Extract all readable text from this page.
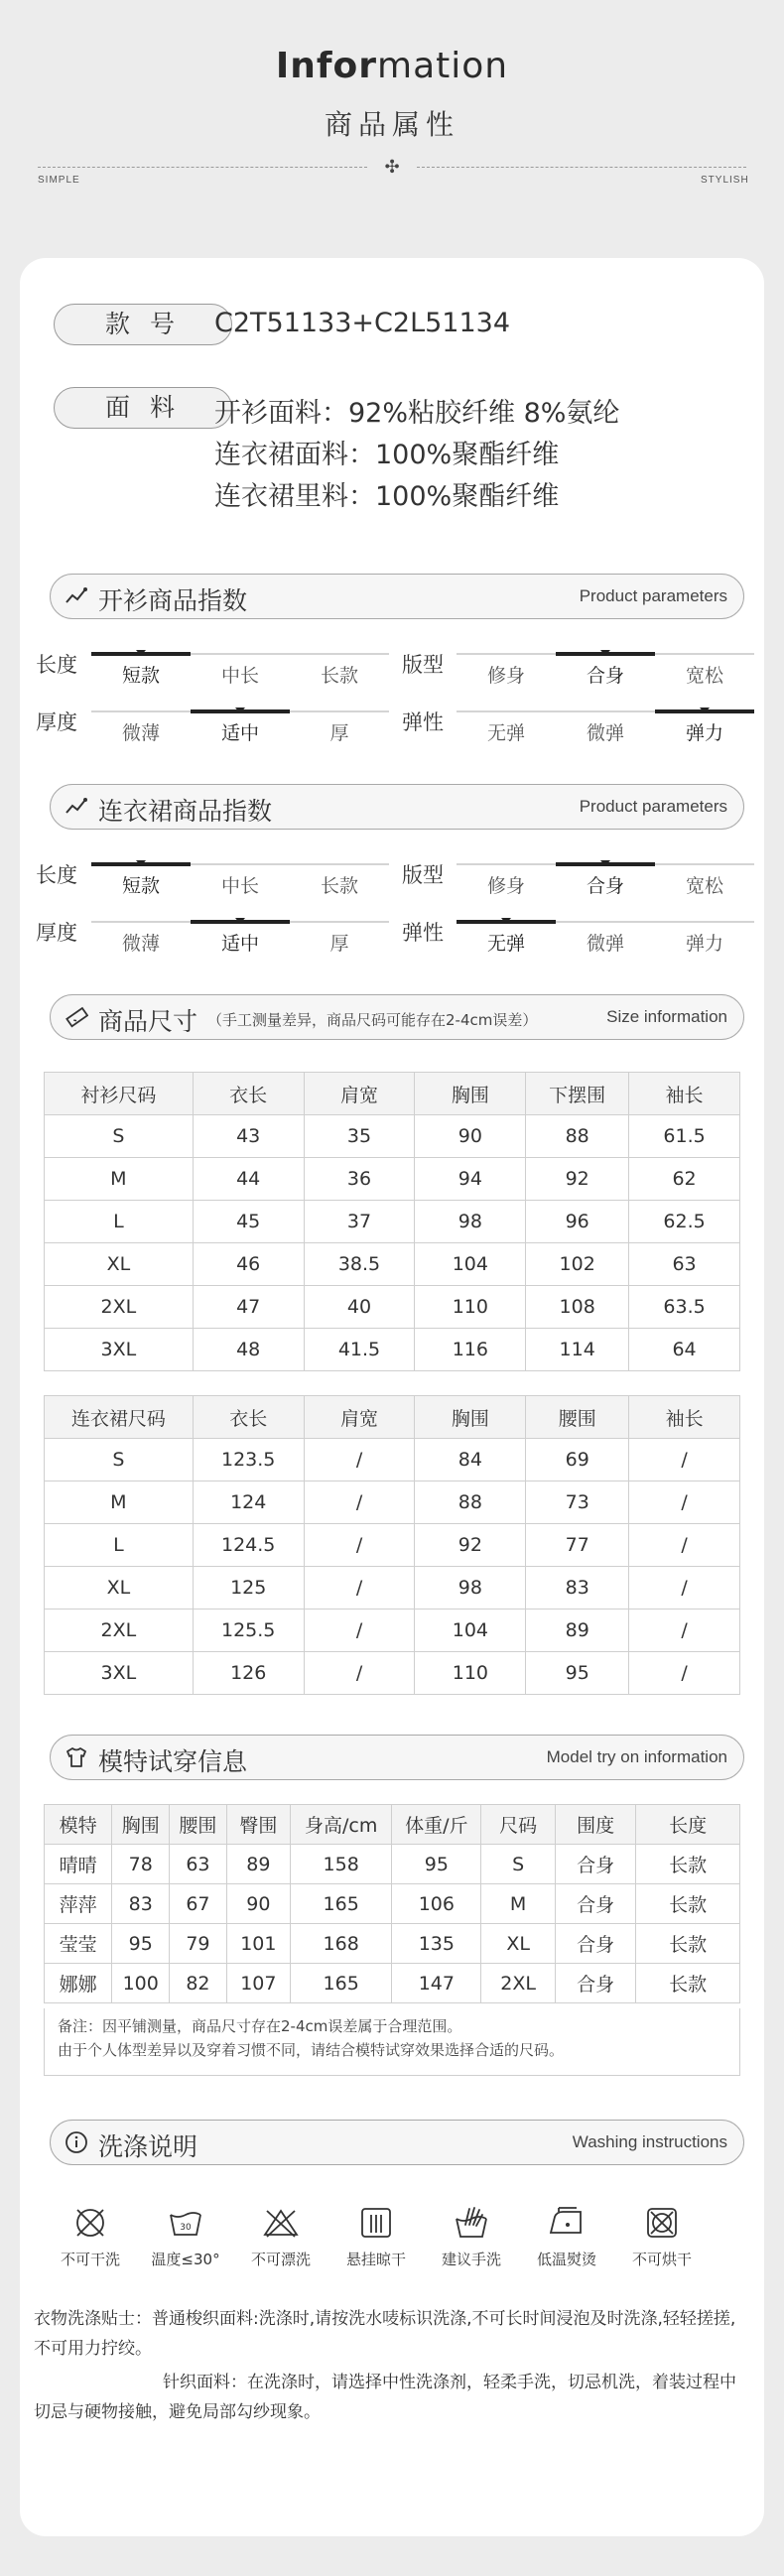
Information
商品属性
✣
SIMPLE	STYLISH
款 号	C2T51133+C2L51134
面 料	开衫面料：92%粘胶纤维 8%氨纶
连衣裙面料：100%聚酯纤维
连衣裙里料：100%聚酯纤维
开衫商品指数	Product parameters
连衣裙商品指数	Product parameters
商品尺寸 （手工测量差异，商品尺码可能存在2-4cm误差）	Size information
衬衫尺码	衣长	肩宽	胸围	下摆围	袖长
S	43	35	90	88	61.5
M	44	36	94	92	62
L	45	37	98	96	62.5
XL	46	38.5	104	102	63
2XL	47	40	110	108	63.5
3XL	48	41.5	116	114	64
连衣裙尺码	衣长	肩宽	胸围	腰围	袖长
S	123.5	/	84	69	/
M	124	/	88	73	/
L	124.5	/	92	77	/
XL	125	/	98	83	/
2XL	125.5	/	104	89	/
3XL	126	/	110	95	/
模特试穿信息	Model try on information
模特	胸围	腰围	臀围	身高/cm	体重/斤	尺码	围度	长度
晴晴	78	63	89	158	95	S	合身	长款
萍萍	83	67	90	165	106	M	合身	长款
莹莹	95	79	101	168	135	XL	合身	长款
娜娜	100	82	107	165	147	2XL	合身	长款
备注：因平铺测量，商品尺寸存在2-4cm误差属于合理范围。
由于个人体型差异以及穿着习惯不同，请结合模特试穿效果选择合适的尺码。
洗涤说明	Washing instructions
衣物洗涤贴士：普通梭织面料:洗涤时,请按洗水唛标识洗涤,不可长时间浸泡及时洗涤,轻轻搓搓,不可用力拧绞。
针织面料：在洗涤时，请选择中性洗涤剂，轻柔手洗，切忌机洗，着装过程中切忌与硬物接触，避免局部勾纱现象。
长度	短款	中长	长款	版型	修身	合身	宽松
厚度	微薄	适中	厚	弹性	无弹	微弹	弹力
长度	短款	中长	长款	版型	修身	合身	宽松
厚度	微薄	适中	厚	弹性	无弹	微弹	弹力
不可干洗
30
温度≤30°	不可漂洗	悬挂晾干	建议手洗	低温熨烫	不可烘干
